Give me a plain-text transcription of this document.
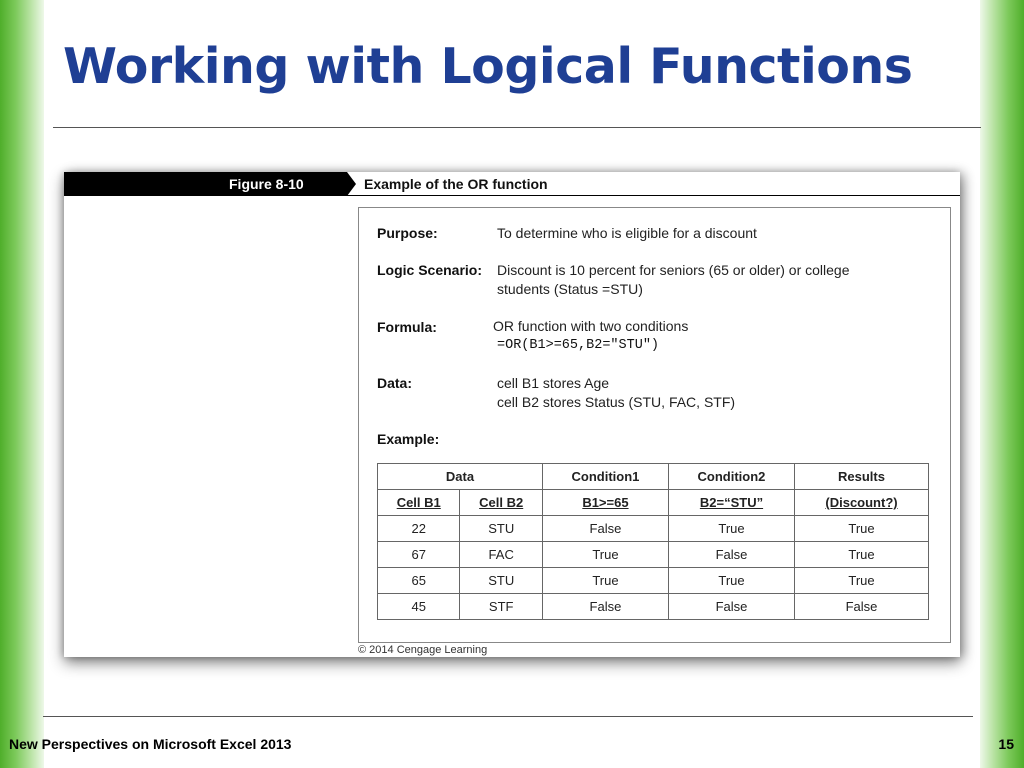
Working with Logical Functions
Figure 8-10	Example of the OR function
Purpose:	To determine who is eligible for a discount
Logic Scenario: Discount is 10 percent for seniors (65 or older) or college
students (Status =STU)
Formula:	OR function with two conditions
=OR(B1>=65,B2="STU")
Data:	cell B1 stores Age
cell B2 stores Status (STU, FAC, STF)
Example:
Data		Condition1	Condition2	Results
Cell B1	Cell B2	B1>=65	B2=“STU”	(Discount?)
22	STU	False	True	True
67	FAC	True	False	True
65	STU	True	True	True
45	STF	False	False	False
© 2014 Cengage Learning
New Perspectives on Microsoft Excel 2013	15
